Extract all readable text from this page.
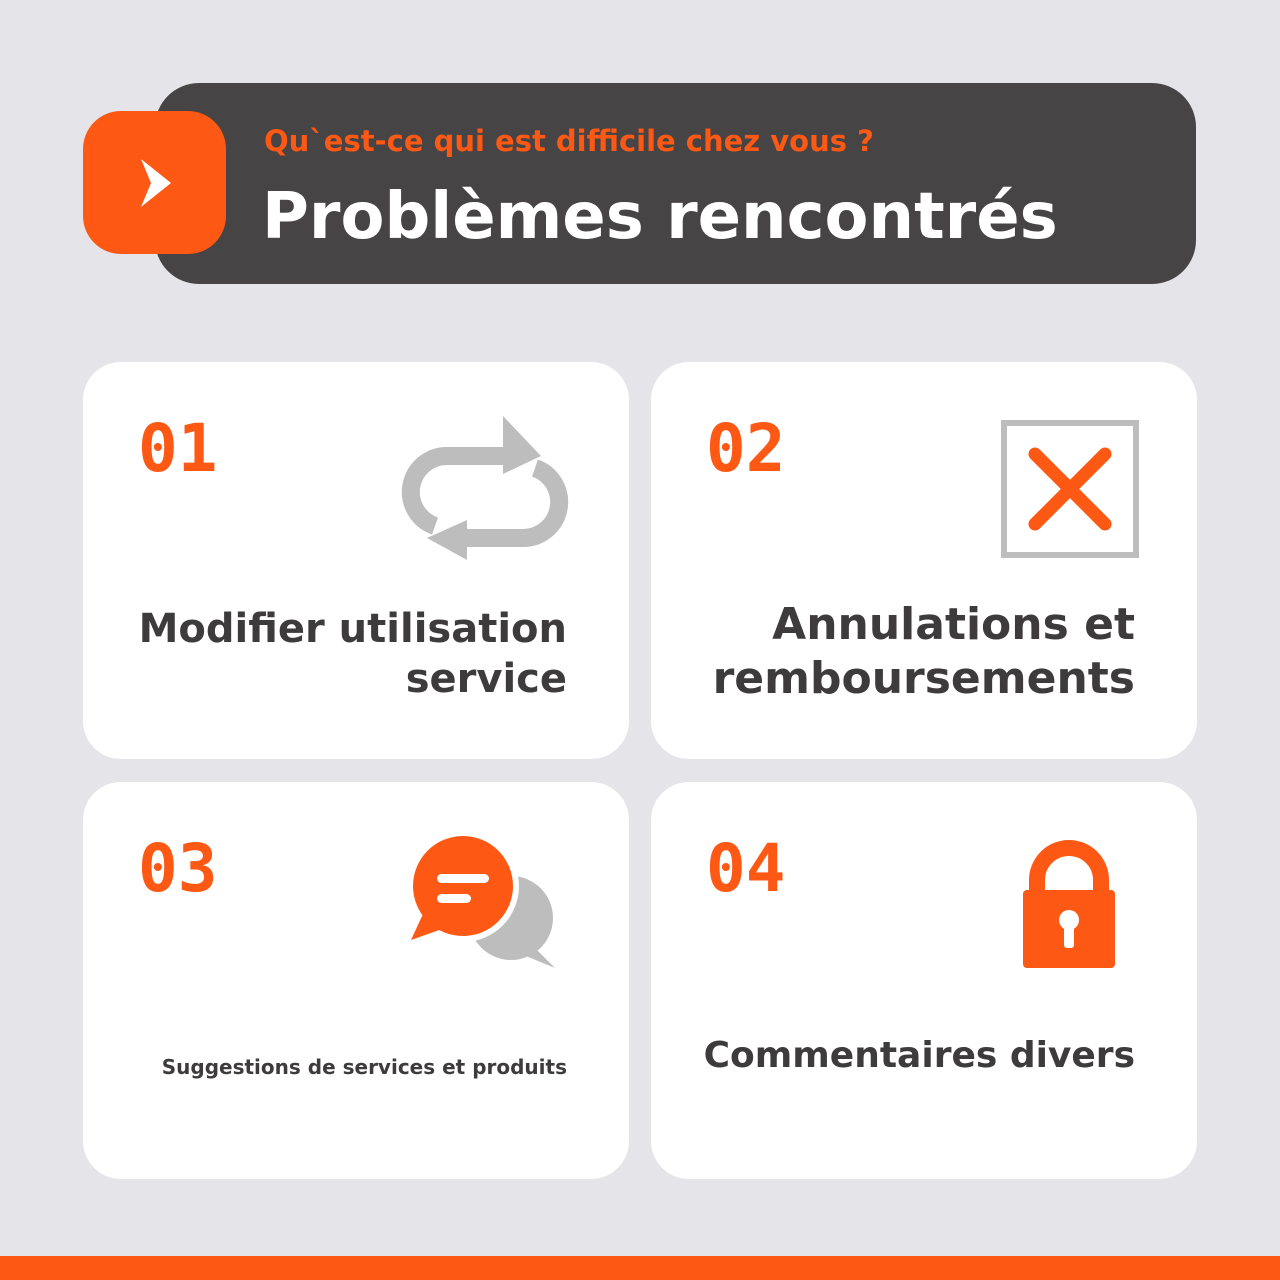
Qu`est-ce qui est difficile chez vous ?

Problèmes rencontrés

01

Modifier utilisation
service

02

Annulations et
remboursements

03

Suggestions de services et produits

04

Commentaires divers
